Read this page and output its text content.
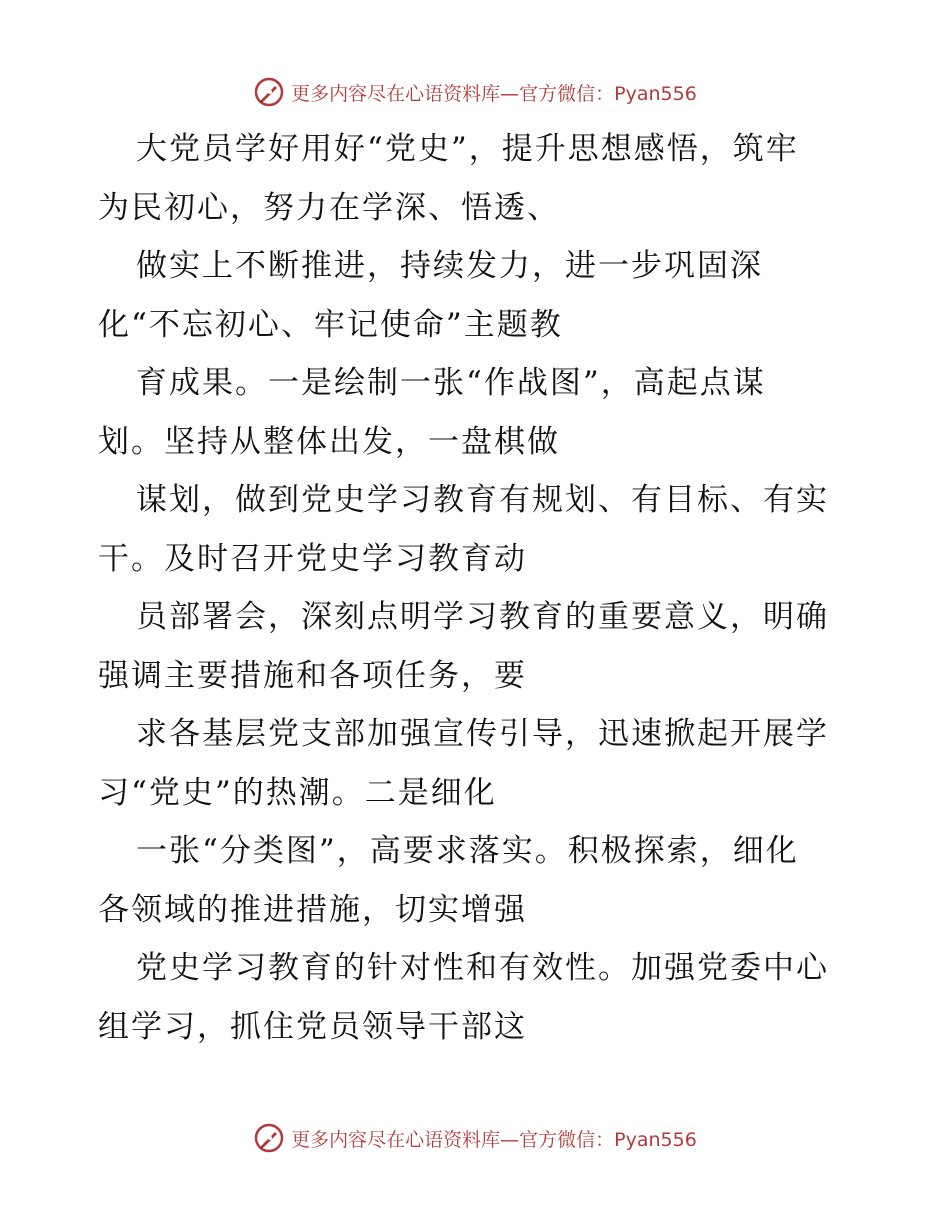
更多内容尽在心语资料库—官方微信：Pyan556
大党员学好用好“党史”，提升思想感悟，筑牢
为民初心，努力在学深、悟透、
做实上不断推进，持续发力，进一步巩固深
化“不忘初心、牢记使命”主题教
育成果。一是绘制一张“作战图”，高起点谋
划。坚持从整体出发，一盘棋做
谋划，做到党史学习教育有规划、有目标、有实
干。及时召开党史学习教育动
员部署会，深刻点明学习教育的重要意义，明确
强调主要措施和各项任务，要
求各基层党支部加强宣传引导，迅速掀起开展学
习“党史”的热潮。二是细化
一张“分类图”，高要求落实。积极探索，细化
各领域的推进措施，切实增强
党史学习教育的针对性和有效性。加强党委中心
组学习，抓住党员领导干部这
更多内容尽在心语资料库—官方微信：Pyan556
